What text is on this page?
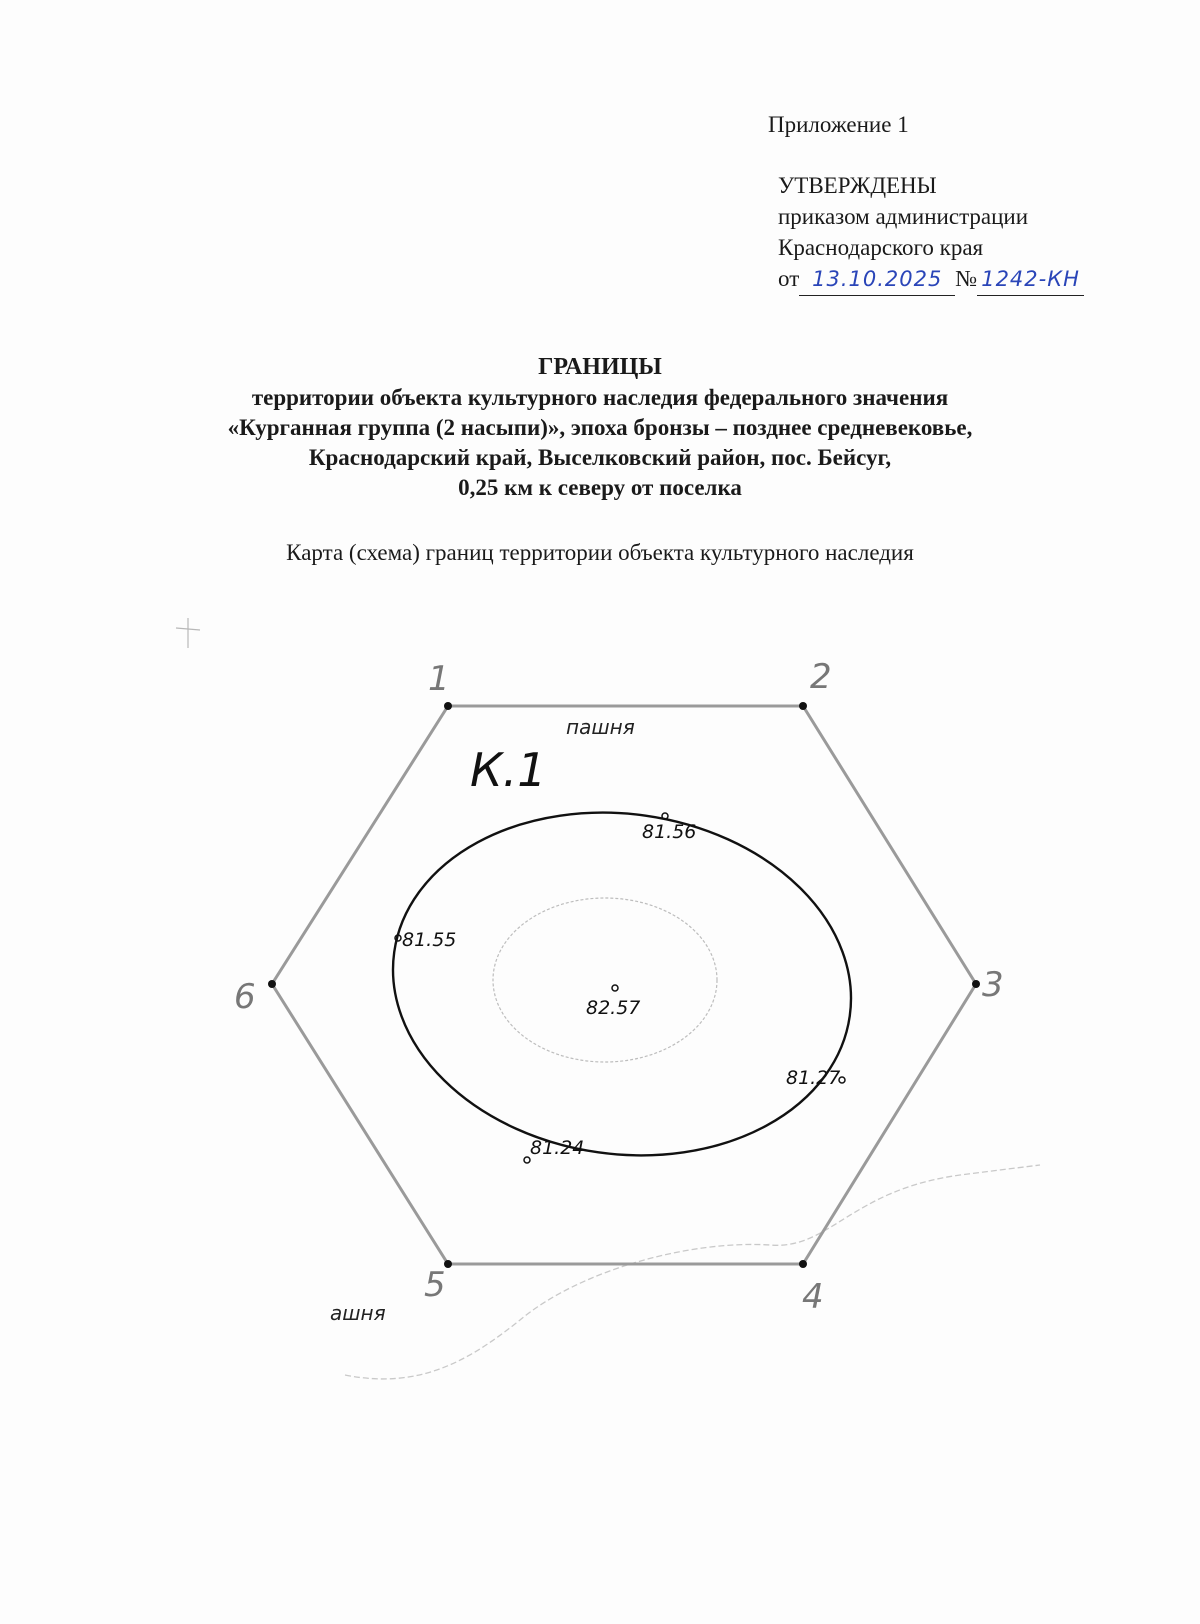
Приложение 1
УТВЕРЖДЕНЫ
приказом администрации
Краснодарского края
от 13.10.2025 № 1242-КН
ГРАНИЦЫ
территории объекта культурного наследия федерального значения
«Курганная группа (2 насыпи)», эпоха бронзы – позднее средневековье,
Краснодарский край, Выселковский район, пос. Бейсуг,
0,25 км к северу от поселка
Карта (схема) границ территории объекта культурного наследия
1	2
3
4
5
6
К.1
пашня
ашня
81.56
81.55
82.57
81.27
81.24
